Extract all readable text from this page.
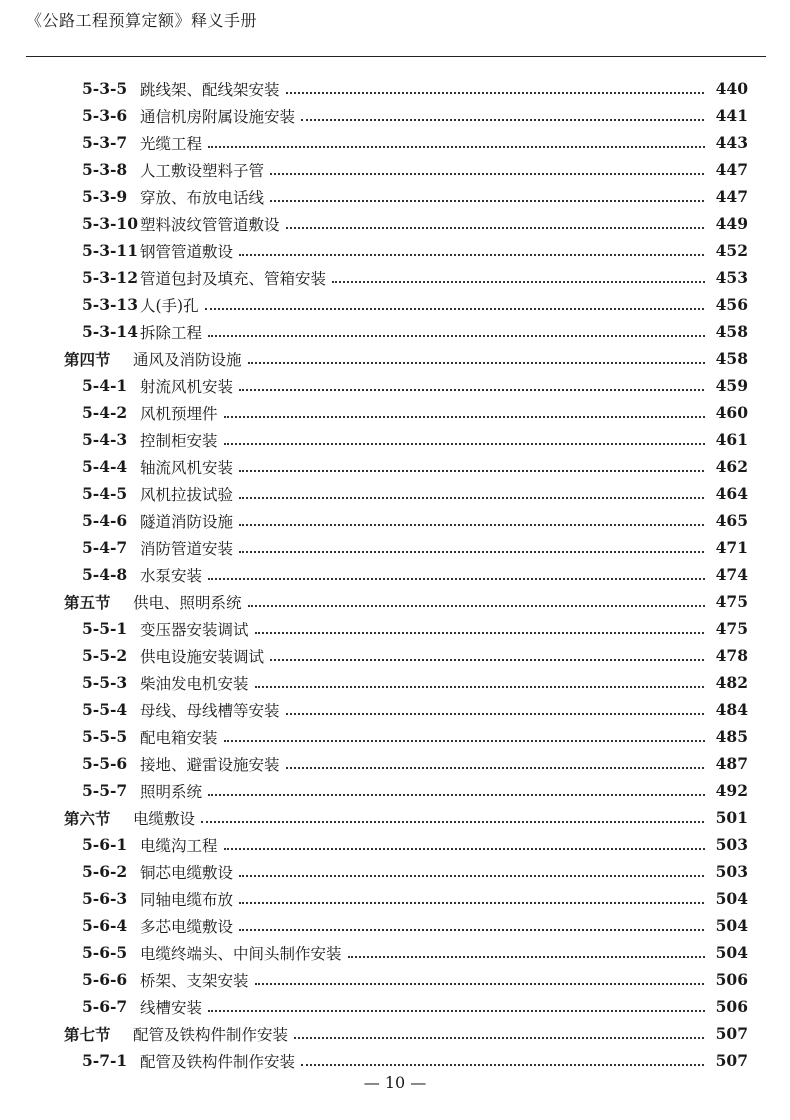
《公路工程预算定额》释义手册
5-3-5 跳线架、配线架安装	440
5-3-6 通信机房附属设施安装	441
5-3-7 光缆工程	443
5-3-8 人工敷设塑料子管	447
5-3-9 穿放、布放电话线	447
5-3-10 塑料波纹管管道敷设	449
5-3-11 钢管管道敷设	452
5-3-12 管道包封及填充、管箱安装	453
5-3-13 人(手)孔	456
5-3-14 拆除工程	458
第四节 通风及消防设施	458
5-4-1 射流风机安装	459
5-4-2 风机预埋件	460
5-4-3 控制柜安装	461
5-4-4 轴流风机安装	462
5-4-5 风机拉拔试验	464
5-4-6 隧道消防设施	465
5-4-7 消防管道安装	471
5-4-8 水泵安装	474
第五节 供电、照明系统	475
5-5-1 变压器安装调试	475
5-5-2 供电设施安装调试	478
5-5-3 柴油发电机安装	482
5-5-4 母线、母线槽等安装	484
5-5-5 配电箱安装	485
5-5-6 接地、避雷设施安装	487
5-5-7 照明系统	492
第六节 电缆敷设	501
5-6-1 电缆沟工程	503
5-6-2 铜芯电缆敷设	503
5-6-3 同轴电缆布放	504
5-6-4 多芯电缆敷设	504
5-6-5 电缆终端头、中间头制作安装	504
5-6-6 桥架、支架安装	506
5-6-7 线槽安装	506
第七节 配管及铁构件制作安装	507
5-7-1 配管及铁构件制作安装	507
— 10 —
